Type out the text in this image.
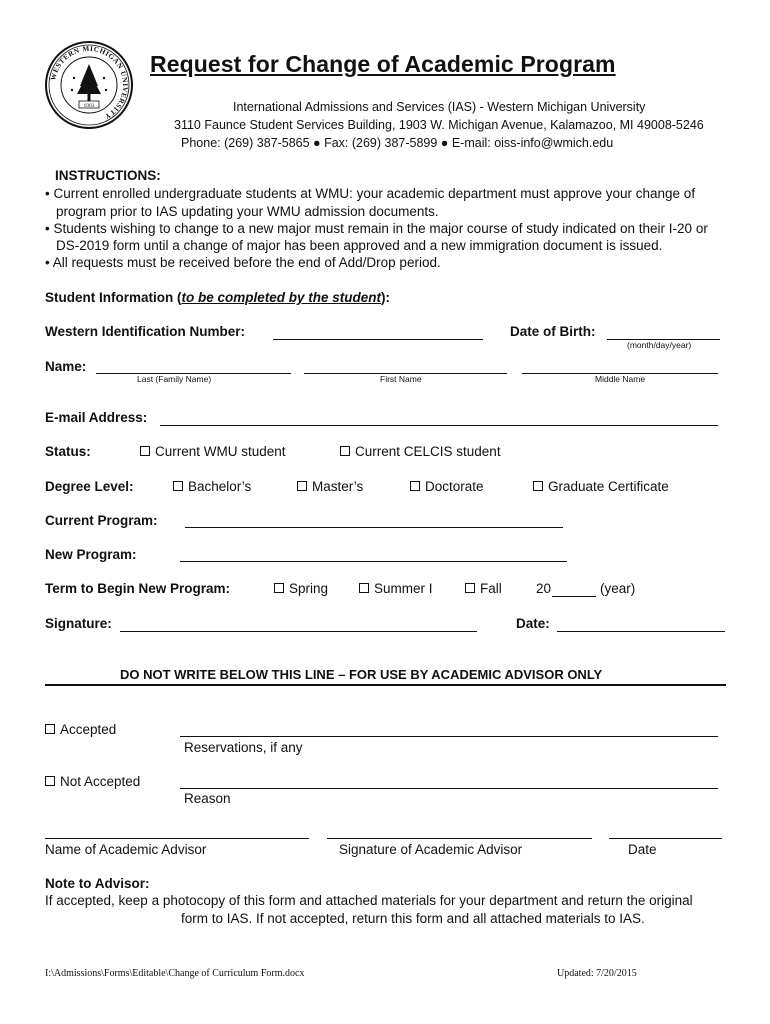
WESTERN MICHIGAN UNIVERSITY
1903
Request for Change of Academic Program
International Admissions and Services (IAS) - Western Michigan University
3110 Faunce Student Services Building, 1903 W. Michigan Avenue, Kalamazoo, MI 49008-5246
Phone: (269) 387-5865 ● Fax: (269) 387-5899 ● E-mail: oiss-info@wmich.edu
INSTRUCTIONS:
• Current enrolled undergraduate students at WMU: your academic department must approve your change of
program prior to IAS updating your WMU admission documents.
• Students wishing to change to a new major must remain in the major course of study indicated on their I-20 or
DS-2019 form until a change of major has been approved and a new immigration document is issued.
• All requests must be received before the end of Add/Drop period.
Student Information (to be completed by the student):
Western Identification Number:	Date of Birth:
(month/day/year)
Name:
Last (Family Name)	First Name	Middle Name
E-mail Address:
Status:	Current WMU student	Current CELCIS student
Degree Level:	Bachelor’s	Master’s	Doctorate	Graduate Certificate
Current Program:
New Program:
Term to Begin New Program:	Spring	Summer I	Fall	20	(year)
Signature:	Date:
DO NOT WRITE BELOW THIS LINE – FOR USE BY ACADEMIC ADVISOR ONLY
Accepted
Reservations, if any
Not Accepted
Reason
Name of Academic Advisor	Signature of Academic Advisor	Date
Note to Advisor:
If accepted, keep a photocopy of this form and attached materials for your department and return the original
form to IAS. If not accepted, return this form and all attached materials to IAS.
I:\Admissions\Forms\Editable\Change of Curriculum Form.docx	Updated: 7/20/2015
